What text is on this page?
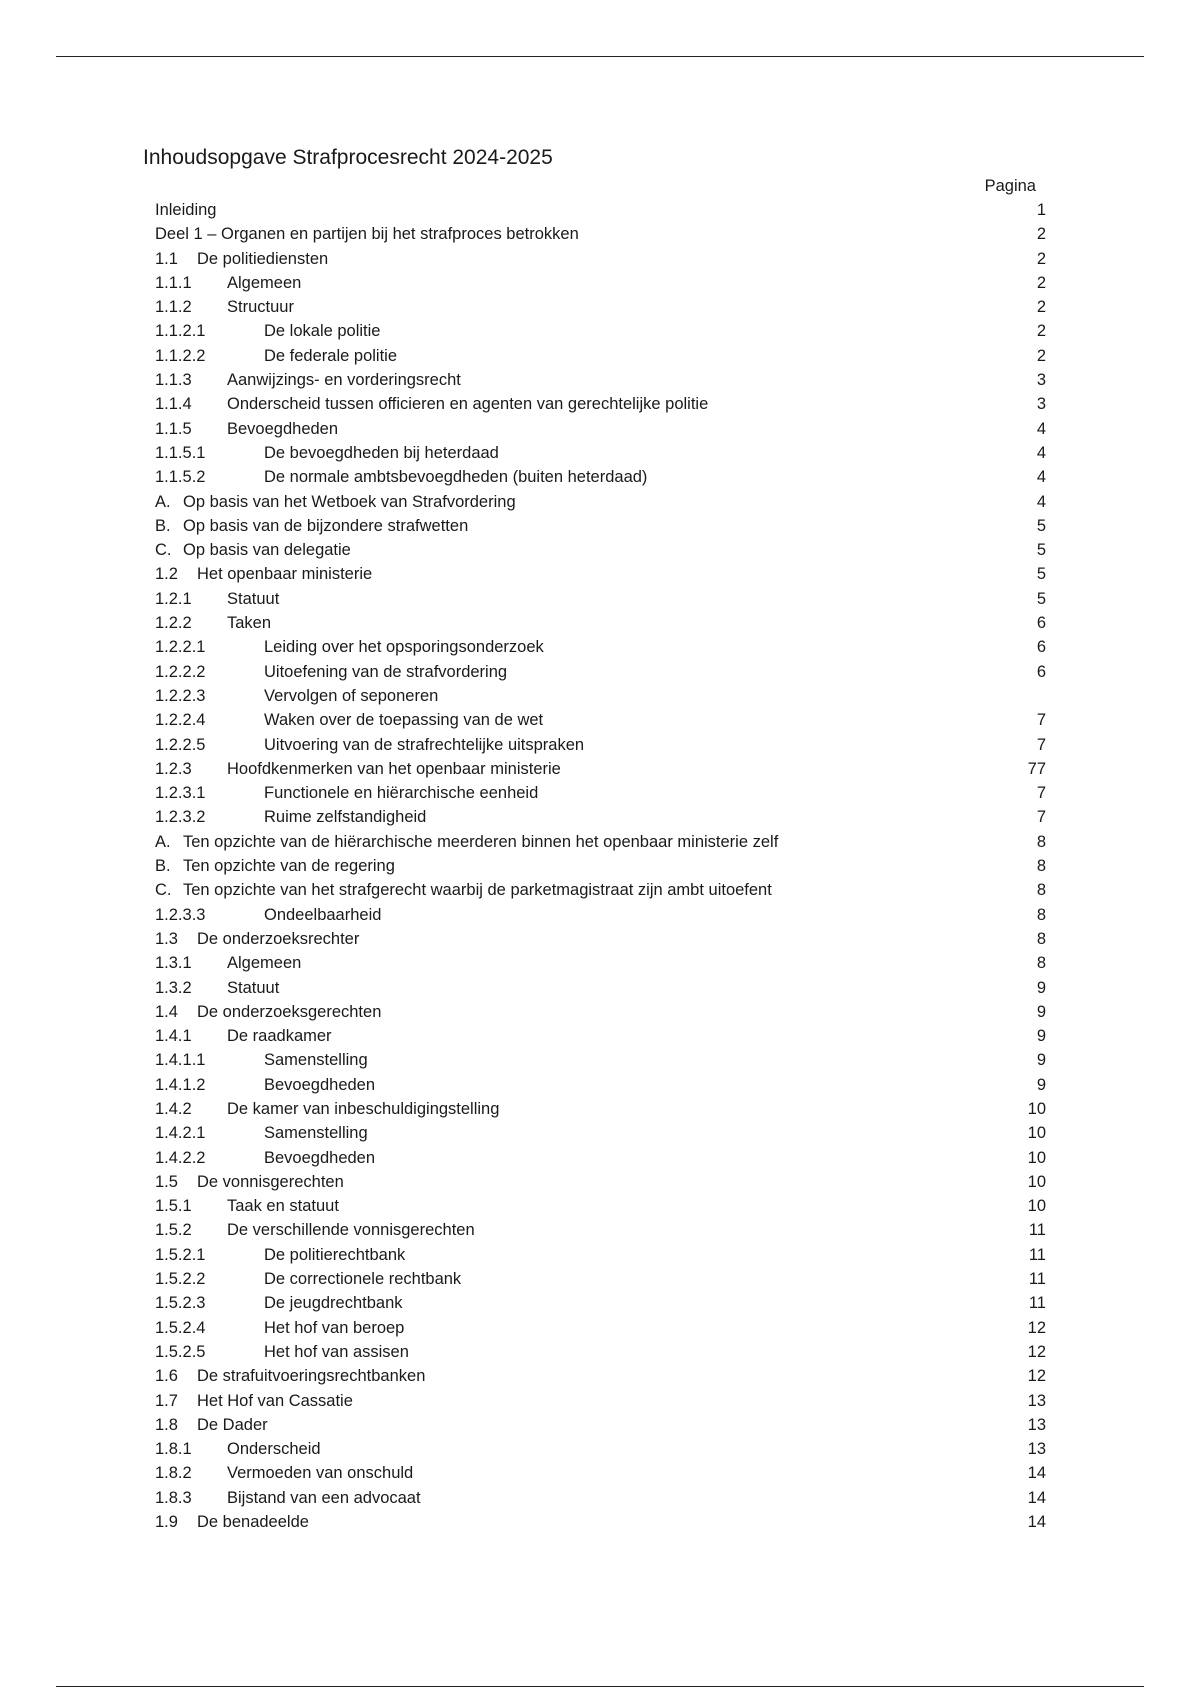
Inhoudsopgave Strafprocesrecht 2024-2025
Pagina
Inleiding	1
Deel 1 – Organen en partijen bij het strafproces betrokken	2
1.1 De politiediensten	2
1.1.1 Algemeen	2
1.1.2 Structuur	2
1.1.2.1	De lokale politie	2
1.1.2.2	De federale politie	2
1.1.3 Aanwijzings- en vorderingsrecht	3
1.1.4 Onderscheid tussen officieren en agenten van gerechtelijke politie	3
1.1.5 Bevoegdheden	4
1.1.5.1	De bevoegdheden bij heterdaad	4
1.1.5.2	De normale ambtsbevoegdheden (buiten heterdaad)	4
A. Op basis van het Wetboek van Strafvordering	4
B. Op basis van de bijzondere strafwetten	5
C. Op basis van delegatie	5
1.2 Het openbaar ministerie	5
1.2.1 Statuut	5
1.2.2 Taken	6
1.2.2.1	Leiding over het opsporingsonderzoek	6
1.2.2.2	Uitoefening van de strafvordering	6
1.2.2.3	Vervolgen of seponeren
1.2.2.4	Waken over de toepassing van de wet	7
1.2.2.5	Uitvoering van de strafrechtelijke uitspraken	7
1.2.3 Hoofdkenmerken van het openbaar ministerie	77
1.2.3.1	Functionele en hiërarchische eenheid	7
1.2.3.2	Ruime zelfstandigheid	7
A. Ten opzichte van de hiërarchische meerderen binnen het openbaar ministerie zelf	8
B. Ten opzichte van de regering	8
C. Ten opzichte van het strafgerecht waarbij de parketmagistraat zijn ambt uitoefent	8
1.2.3.3	Ondeelbaarheid	8
1.3 De onderzoeksrechter	8
1.3.1 Algemeen	8
1.3.2 Statuut	9
1.4 De onderzoeksgerechten	9
1.4.1 De raadkamer	9
1.4.1.1	Samenstelling	9
1.4.1.2	Bevoegdheden	9
1.4.2 De kamer van inbeschuldigingstelling	10
1.4.2.1	Samenstelling	10
1.4.2.2	Bevoegdheden	10
1.5 De vonnisgerechten	10
1.5.1 Taak en statuut	10
1.5.2 De verschillende vonnisgerechten	11
1.5.2.1	De politierechtbank	11
1.5.2.2	De correctionele rechtbank	11
1.5.2.3	De jeugdrechtbank	11
1.5.2.4	Het hof van beroep	12
1.5.2.5	Het hof van assisen	12
1.6 De strafuitvoeringsrechtbanken	12
1.7 Het Hof van Cassatie	13
1.8 De Dader	13
1.8.1 Onderscheid	13
1.8.2 Vermoeden van onschuld	14
1.8.3 Bijstand van een advocaat	14
1.9 De benadeelde	14
